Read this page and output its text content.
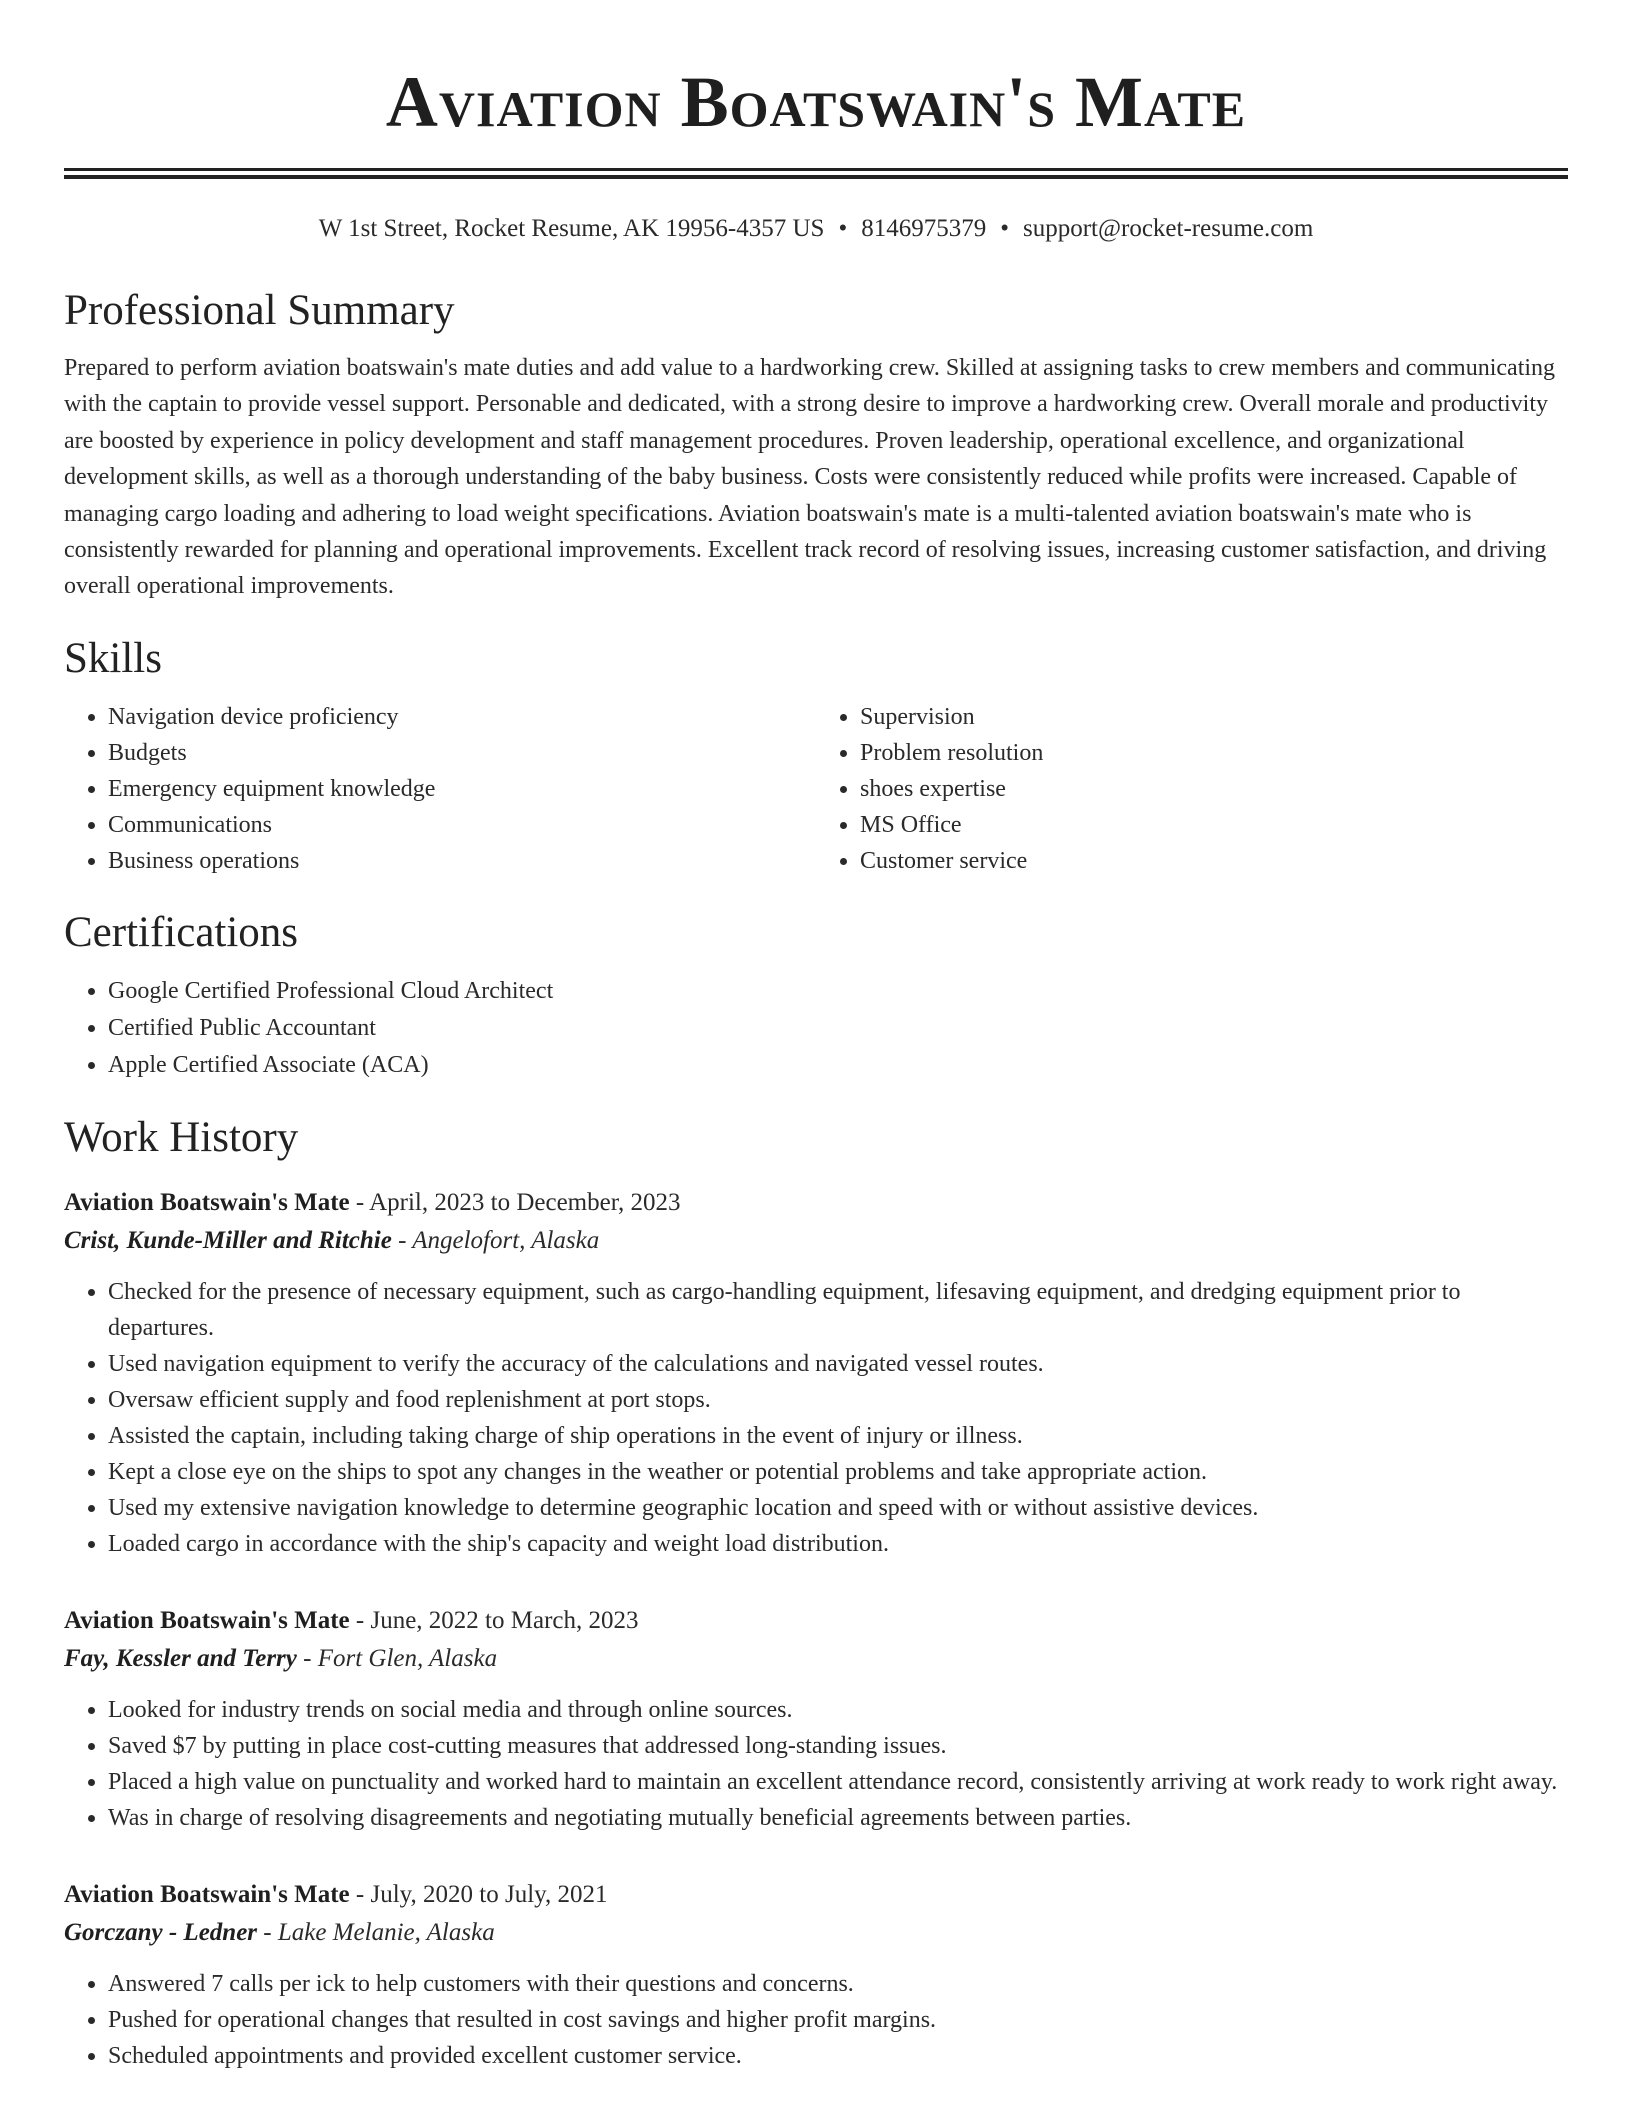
Aviation Boatswain's Mate
W 1st Street, Rocket Resume, AK 19956-4357 US • 8146975379 • support@rocket-resume.com
Professional Summary

Prepared to perform aviation boatswain's mate duties and add value to a hardworking crew. Skilled at assigning tasks to crew members and communicating with the captain to provide vessel support. Personable and dedicated, with a strong desire to improve a hardworking crew. Overall morale and productivity are boosted by experience in policy development and staff management procedures. Proven leadership, operational excellence, and organizational development skills, as well as a thorough understanding of the baby business. Costs were consistently reduced while profits were increased. Capable of managing cargo loading and adhering to load weight specifications. Aviation boatswain's mate is a multi-talented aviation boatswain's mate who is consistently rewarded for planning and operational improvements. Excellent track record of resolving issues, increasing customer satisfaction, and driving overall operational improvements.

Skills
• Navigation device proficiency
• Budgets
• Emergency equipment knowledge
• Communications
• Business operations
• Supervision
• Problem resolution
• shoes expertise
• MS Office
• Customer service
Certifications
• Google Certified Professional Cloud Architect
• Certified Public Accountant
• Apple Certified Associate (ACA)
Work History
Aviation Boatswain's Mate - April, 2023 to December, 2023
Crist, Kunde-Miller and Ritchie - Angelofort, Alaska
• Checked for the presence of necessary equipment, such as cargo-handling equipment, lifesaving equipment, and dredging equipment prior to departures.
• Used navigation equipment to verify the accuracy of the calculations and navigated vessel routes.
• Oversaw efficient supply and food replenishment at port stops.
• Assisted the captain, including taking charge of ship operations in the event of injury or illness.
• Kept a close eye on the ships to spot any changes in the weather or potential problems and take appropriate action.
• Used my extensive navigation knowledge to determine geographic location and speed with or without assistive devices.
• Loaded cargo in accordance with the ship's capacity and weight load distribution.
Aviation Boatswain's Mate - June, 2022 to March, 2023
Fay, Kessler and Terry - Fort Glen, Alaska
• Looked for industry trends on social media and through online sources.
• Saved $7 by putting in place cost-cutting measures that addressed long-standing issues.
• Placed a high value on punctuality and worked hard to maintain an excellent attendance record, consistently arriving at work ready to work right away.
• Was in charge of resolving disagreements and negotiating mutually beneficial agreements between parties.
Aviation Boatswain's Mate - July, 2020 to July, 2021
Gorczany - Ledner - Lake Melanie, Alaska
• Answered 7 calls per ick to help customers with their questions and concerns.
• Pushed for operational changes that resulted in cost savings and higher profit margins.
• Scheduled appointments and provided excellent customer service.
